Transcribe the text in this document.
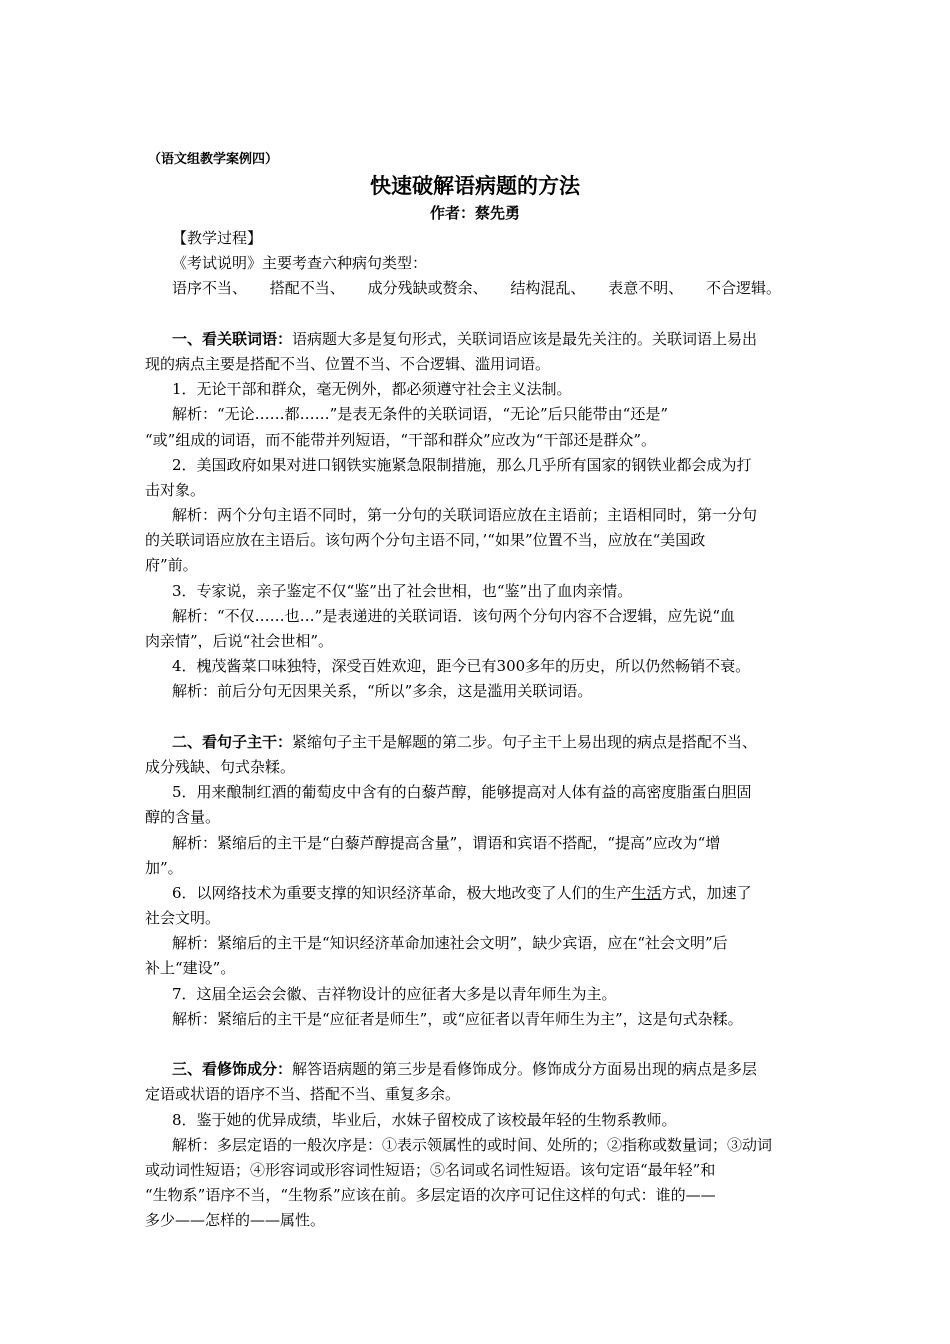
（语文组教学案例四）
快速破解语病题的方法
作者：蔡先勇
【教学过程】
《考试说明》主要考查六种病句类型：
语序不当、 搭配不当、 成分残缺或赘余、 结构混乱、 表意不明、 不合逻辑。
一、看关联词语：语病题大多是复句形式，关联词语应该是最先关注的。关联词语上易出
现的病点主要是搭配不当、位置不当、不合逻辑、滥用词语。
1．无论干部和群众，毫无例外，都必须遵守社会主义法制。
解析：“无论……都……”是表无条件的关联词语，“无论”后只能带由“还是”
“或”组成的词语，而不能带并列短语，“干部和群众”应改为“干部还是群众”。
2．美国政府如果对进口钢铁实施紧急限制措施，那么几乎所有国家的钢铁业都会成为打
击对象。
解析：两个分句主语不同时，第一分句的关联词语应放在主语前；主语相同时，第一分句
的关联词语应放在主语后。该句两个分句主语不同，’“如果”位置不当，应放在“美国政
府”前。
3．专家说，亲子鉴定不仅“鉴”出了社会世相，也“鉴”出了血肉亲情。
解析：“不仅……也…”是表递进的关联词语．该句两个分句内容不合逻辑，应先说“血
肉亲情”，后说“社会世相”。
4．槐茂酱菜口味独特，深受百姓欢迎，距今已有300多年的历史，所以仍然畅销不衰。
解析：前后分句无因果关系，“所以”多余，这是滥用关联词语。
二、看句子主干：紧缩句子主干是解题的第二步。句子主干上易出现的病点是搭配不当、
成分残缺、句式杂糅。
5．用来酿制红酒的葡萄皮中含有的白藜芦醇，能够提高对人体有益的高密度脂蛋白胆固
醇的含量。
解析：紧缩后的主干是“白藜芦醇提高含量”，谓语和宾语不搭配，“提高”应改为“增
加”。
6．以网络技术为重要支撑的知识经济革命，极大地改变了人们的生产生活方式，加速了
社会文明。
解析：紧缩后的主干是“知识经济革命加速社会文明”，缺少宾语，应在“社会文明”后
补上“建设”。
7．这届全运会会徽、吉祥物设计的应征者大多是以青年师生为主。
解析：紧缩后的主干是“应征者是师生”，或“应征者以青年师生为主”，这是句式杂糅。
三、看修饰成分：解答语病题的第三步是看修饰成分。修饰成分方面易出现的病点是多层
定语或状语的语序不当、搭配不当、重复多余。
8．鉴于她的优异成绩，毕业后，水妹子留校成了该校最年轻的生物系教师。
解析：多层定语的一般次序是：①表示领属性的或时间、处所的；②指称或数量词；③动词
或动词性短语；④形容词或形容词性短语；⑤名词或名词性短语。该句定语“最年轻”和
“生物系”语序不当，“生物系”应该在前。多层定语的次序可记住这样的句式：谁的——
多少——怎样的——属性。
